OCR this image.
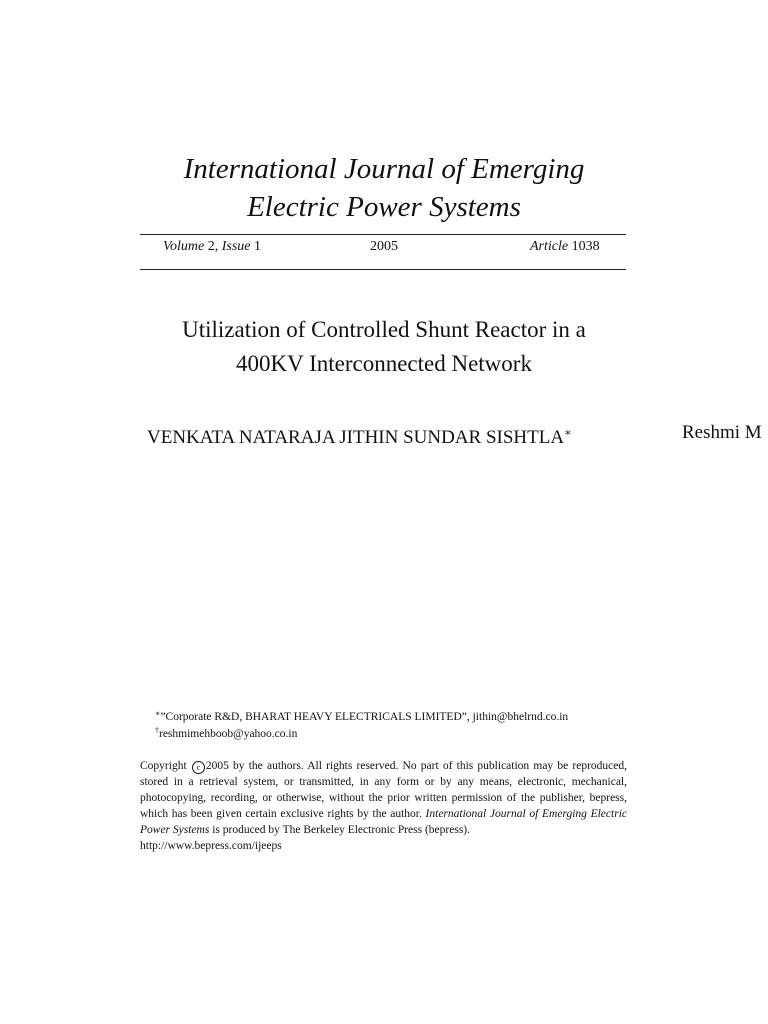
International Journal of Emerging
Electric Power Systems
Volume 2, Issue 1	2005	Article 1038
Utilization of Controlled Shunt Reactor in a
400KV Interconnected Network
VENKATA NATARAJA JITHIN SUNDAR SISHTLA∗	Reshmi M
∗”Corporate R&D, BHARAT HEAVY ELECTRICALS LIMITED”, jithin@bhelrnd.co.in
†reshmimehboob@yahoo.co.in
Copyright c 2005 by the authors. All rights reserved. No part of this publication may be reproduced, stored in a retrieval system, or transmitted, in any form or by any means, electronic, mechanical, photocopying, recording, or otherwise, without the prior written permission of the publisher, bepress, which has been given certain exclusive rights by the author. International Journal of Emerging Electric Power Systems is produced by The Berkeley Electronic Press (bepress).
http://www.bepress.com/ijeeps
